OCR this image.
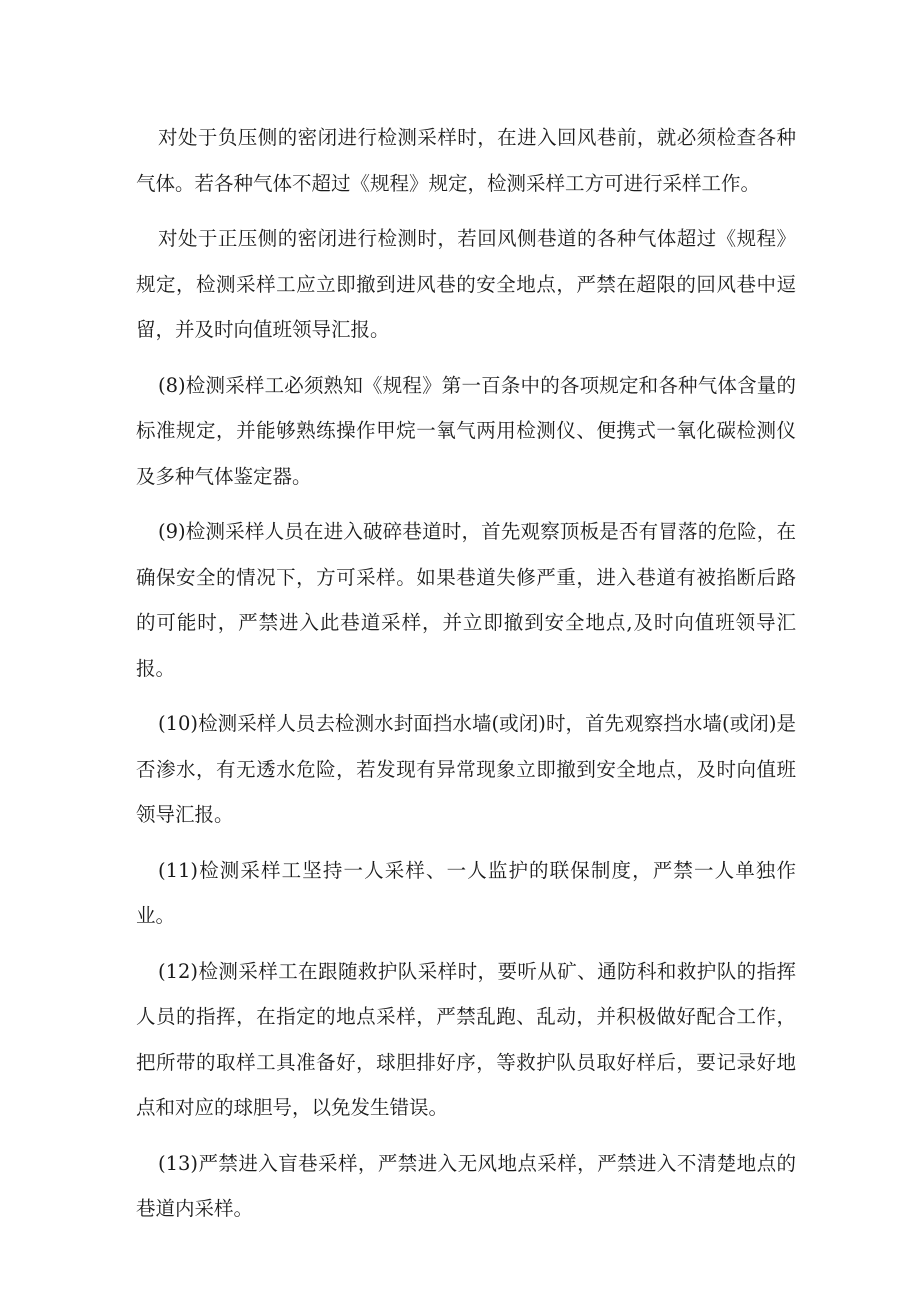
对处于负压侧的密闭进行检测采样时，在进入回风巷前，就必须检查各种气体。若各种气体不超过《规程》规定，检测采样工方可进行采样工作。

对处于正压侧的密闭进行检测时，若回风侧巷道的各种气体超过《规程》规定，检测采样工应立即撤到进风巷的安全地点，严禁在超限的回风巷中逗留，并及时向值班领导汇报。

(8)检测采样工必须熟知《规程》第一百条中的各项规定和各种气体含量的标准规定，并能够熟练操作甲烷一氧气两用检测仪、便携式一氧化碳检测仪及多种气体鉴定器。

(9)检测采样人员在进入破碎巷道时，首先观察顶板是否有冒落的危险，在确保安全的情况下，方可采样。如果巷道失修严重，进入巷道有被掐断后路的可能时，严禁进入此巷道采样，并立即撤到安全地点,及时向值班领导汇报。

(10)检测采样人员去检测水封面挡水墙(或闭)时，首先观察挡水墙(或闭)是否渗水，有无透水危险，若发现有异常现象立即撤到安全地点，及时向值班领导汇报。

(11)检测采样工坚持一人采样、一人监护的联保制度，严禁一人单独作业。

(12)检测采样工在跟随救护队采样时，要听从矿、通防科和救护队的指挥人员的指挥，在指定的地点采样，严禁乱跑、乱动，并积极做好配合工作，把所带的取样工具准备好，球胆排好序，等救护队员取好样后，要记录好地点和对应的球胆号，以免发生错误。

(13)严禁进入盲巷采样，严禁进入无风地点采样，严禁进入不清楚地点的巷道内采样。
